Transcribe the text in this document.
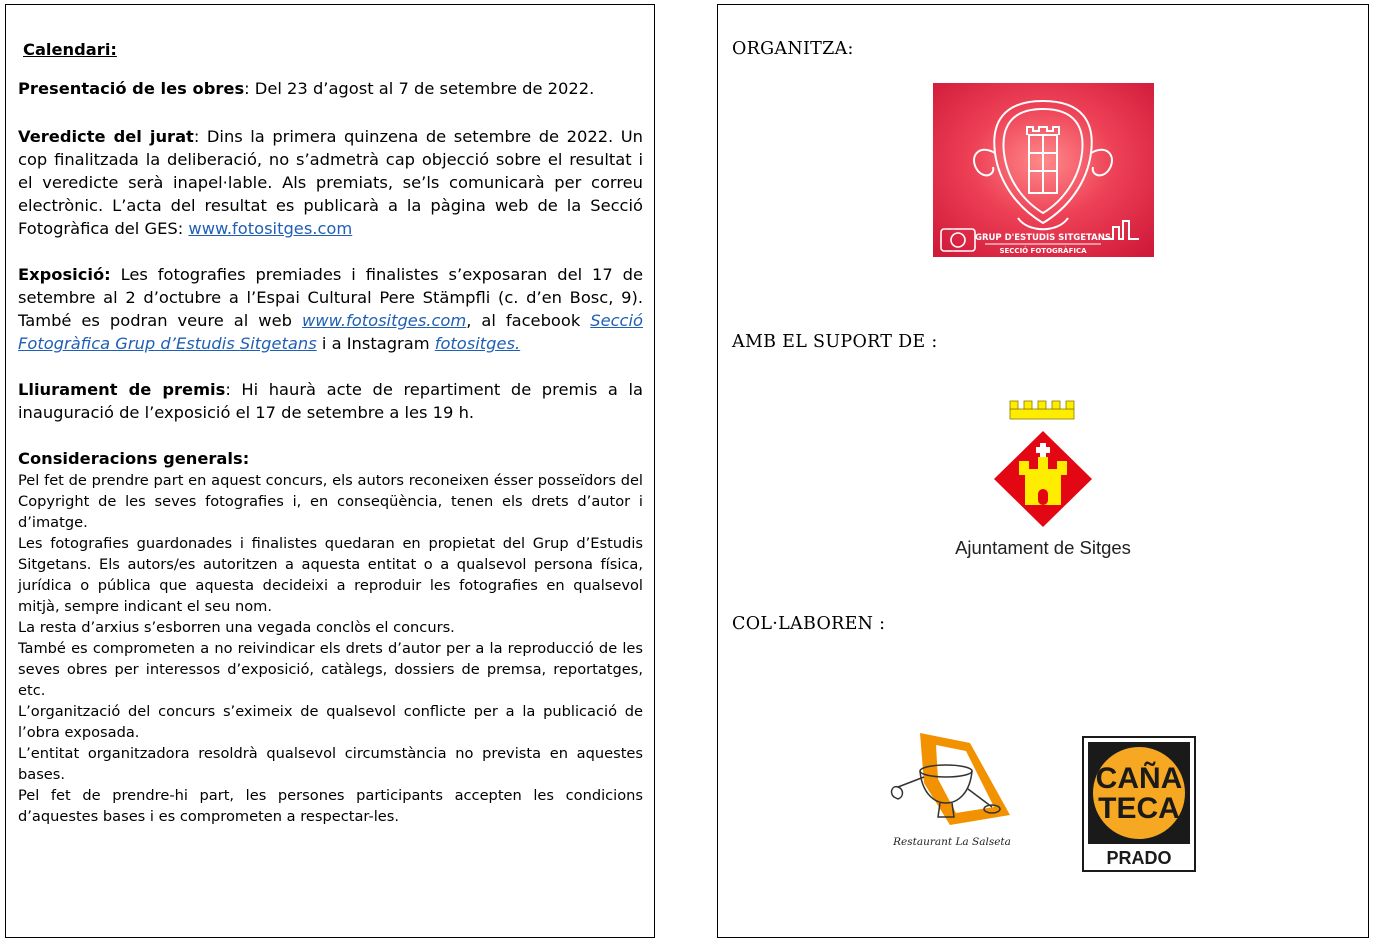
Calendari:
Presentació de les obres: Del 23 d’agost al 7 de setembre de 2022.
Veredicte del jurat: Dins la primera quinzena de setembre de 2022. Un cop finalitzada la deliberació, no s’admetrà cap objecció sobre el resultat i el veredicte serà inapel·lable. Als premiats, se’ls comunicarà per correu electrònic. L’acta del resultat es publicarà a la pàgina web de la Secció Fotogràfica del GES: www.fotositges.com
Exposició: Les fotografies premiades i finalistes s’exposaran del 17 de setembre al 2 d’octubre a l’Espai Cultural Pere Stämpfli (c. d’en Bosc, 9). També es podran veure al web www.fotositges.com, al facebook Secció Fotogràfica Grup d’Estudis Sitgetans i a Instagram fotositges.
Lliurament de premis: Hi haurà acte de repartiment de premis a la inauguració de l’exposició el 17 de setembre a les 19 h.
Consideracions generals:
Pel fet de prendre part en aquest concurs, els autors reconeixen ésser posseïdors del Copyright de les seves fotografies i, en conseqüència, tenen els drets d’autor i d’imatge.
Les fotografies guardonades i finalistes quedaran en propietat del Grup d’Estudis Sitgetans. Els autors/es autoritzen a aquesta entitat o a qualsevol persona física, jurídica o pública que aquesta decideixi a reproduir les fotografies en qualsevol mitjà, sempre indicant el seu nom.
La resta d’arxius s’esborren una vegada conclòs el concurs.
També es comprometen a no reivindicar els drets d’autor per a la reproducció de les seves obres per interessos d’exposició, catàlegs, dossiers de premsa, reportatges, etc.
L’organització del concurs s’eximeix de qualsevol conflicte per a la publicació de l’obra exposada.
L’entitat organitzadora resoldrà qualsevol circumstància no prevista en aquestes bases.
Pel fet de prendre-hi part, les persones participants accepten les condicions d’aquestes bases i es comprometen a respectar-les.
ORGANITZA:
GRUP D'ESTUDIS SITGETANS
SECCIÓ FOTOGRÀFICA
AMB EL SUPORT DE :
Ajuntament de Sitges
COL·LABOREN :
Restaurant La Salseta
CAÑA
TECA
PRADO
